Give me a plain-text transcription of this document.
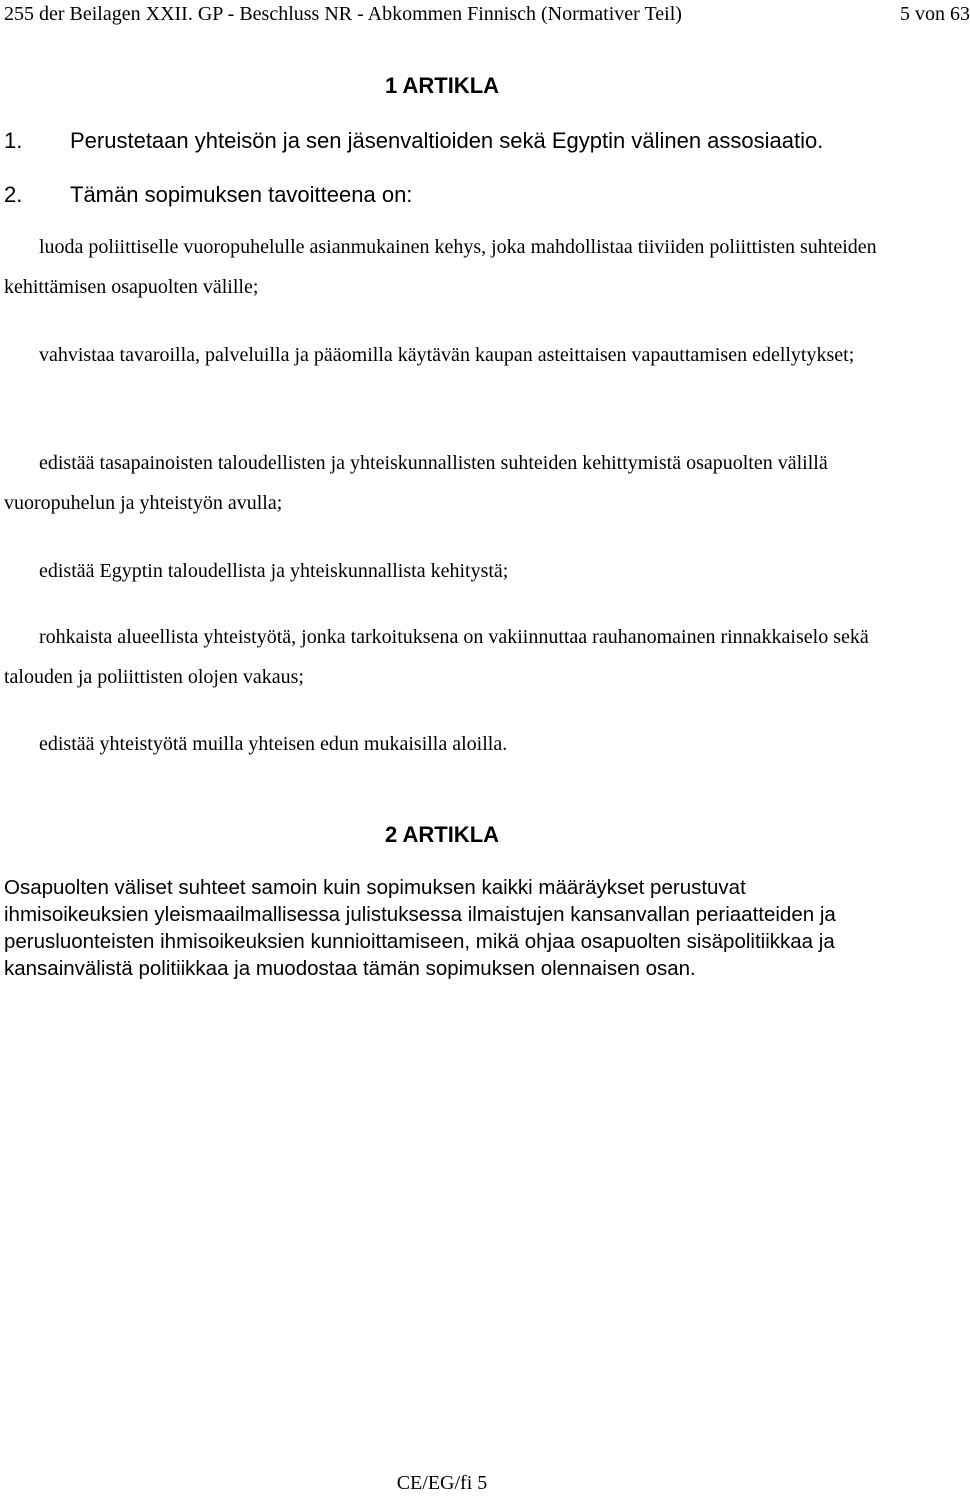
255 der Beilagen XXII. GP - Beschluss NR - Abkommen Finnisch (Normativer Teil)	5 von 63
1 ARTIKLA
1. Perustetaan yhteisön ja sen jäsenvaltioiden sekä Egyptin välinen assosiaatio.
2. Tämän sopimuksen tavoitteena on:

luoda poliittiselle vuoropuhelulle asianmukainen kehys, joka mahdollistaa tiiviiden poliittisten suhteiden kehittämisen osapuolten välille;

vahvistaa tavaroilla, palveluilla ja pääomilla käytävän kaupan asteittaisen vapauttamisen edellytykset;

edistää tasapainoisten taloudellisten ja yhteiskunnallisten suhteiden kehittymistä osapuolten välillä vuoropuhelun ja yhteistyön avulla;

edistää Egyptin taloudellista ja yhteiskunnallista kehitystä;

rohkaista alueellista yhteistyötä, jonka tarkoituksena on vakiinnuttaa rauhanomainen rinnakkaiselo sekä talouden ja poliittisten olojen vakaus;

edistää yhteistyötä muilla yhteisen edun mukaisilla aloilla.

2 ARTIKLA

Osapuolten väliset suhteet samoin kuin sopimuksen kaikki määräykset perustuvat ihmisoikeuksien yleismaailmallisessa julistuksessa ilmaistujen kansanvallan periaatteiden ja perusluonteisten ihmisoikeuksien kunnioittamiseen, mikä ohjaa osapuolten sisäpolitiikkaa ja kansainvälistä politiikkaa ja muodostaa tämän sopimuksen olennaisen osan.

CE/EG/fi 5
